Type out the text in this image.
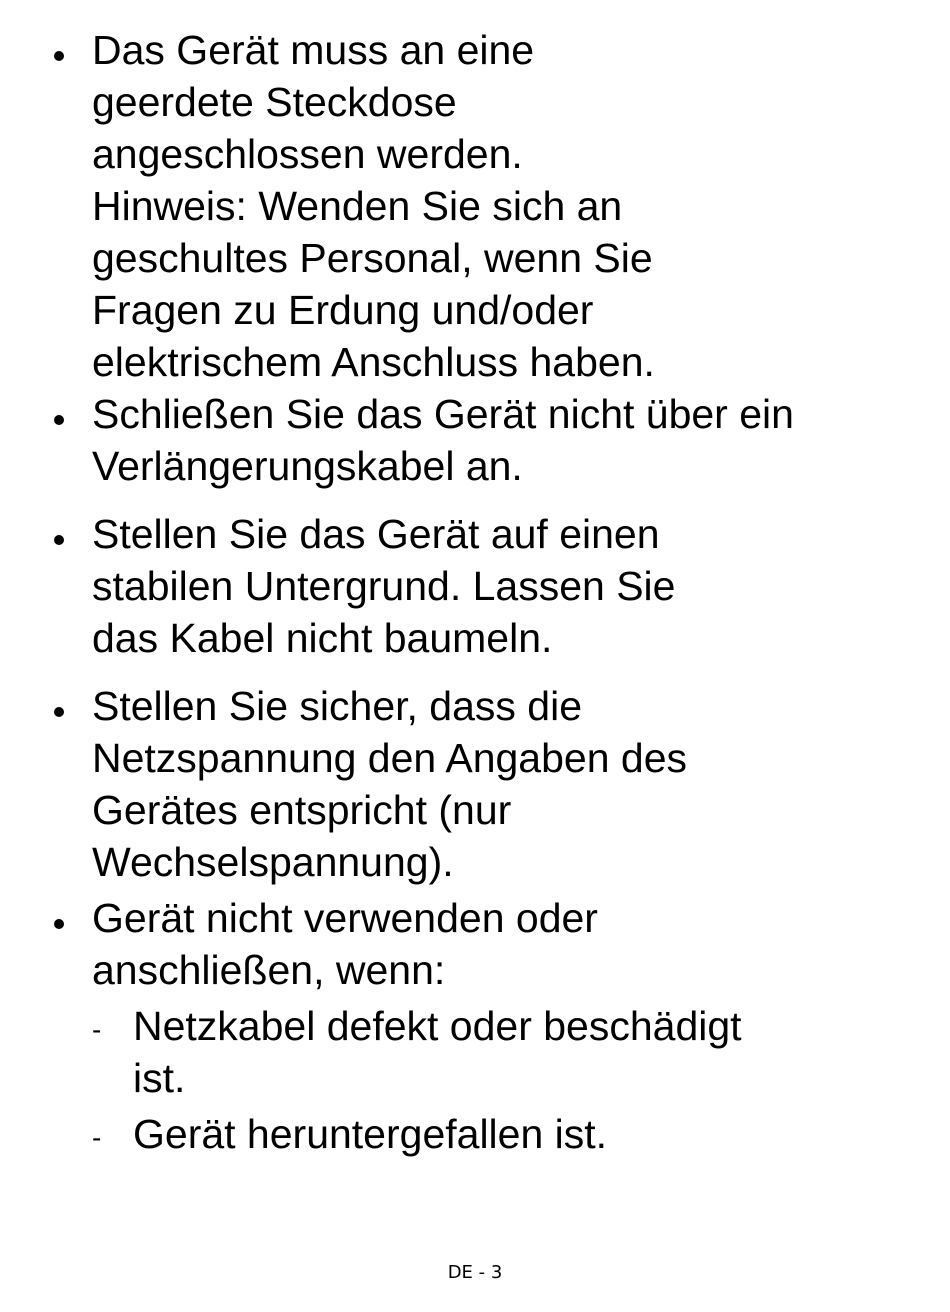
Das Gerät muss an eine
geerdete Steckdose
angeschlossen werden.
Hinweis: Wenden Sie sich an
geschultes Personal, wenn Sie
Fragen zu Erdung und/oder
elektrischem Anschluss haben.

Schließen Sie das Gerät nicht über ein
Verlängerungskabel an.

Stellen Sie das Gerät auf einen
stabilen Untergrund. Lassen Sie
das Kabel nicht baumeln.

Stellen Sie sicher, dass die
Netzspannung den Angaben des
Gerätes entspricht (nur
Wechselspannung).

Gerät nicht verwenden oder
anschließen, wenn:

- Netzkabel defekt oder beschädigt
ist.

- Gerät heruntergefallen ist.

DE - 3
